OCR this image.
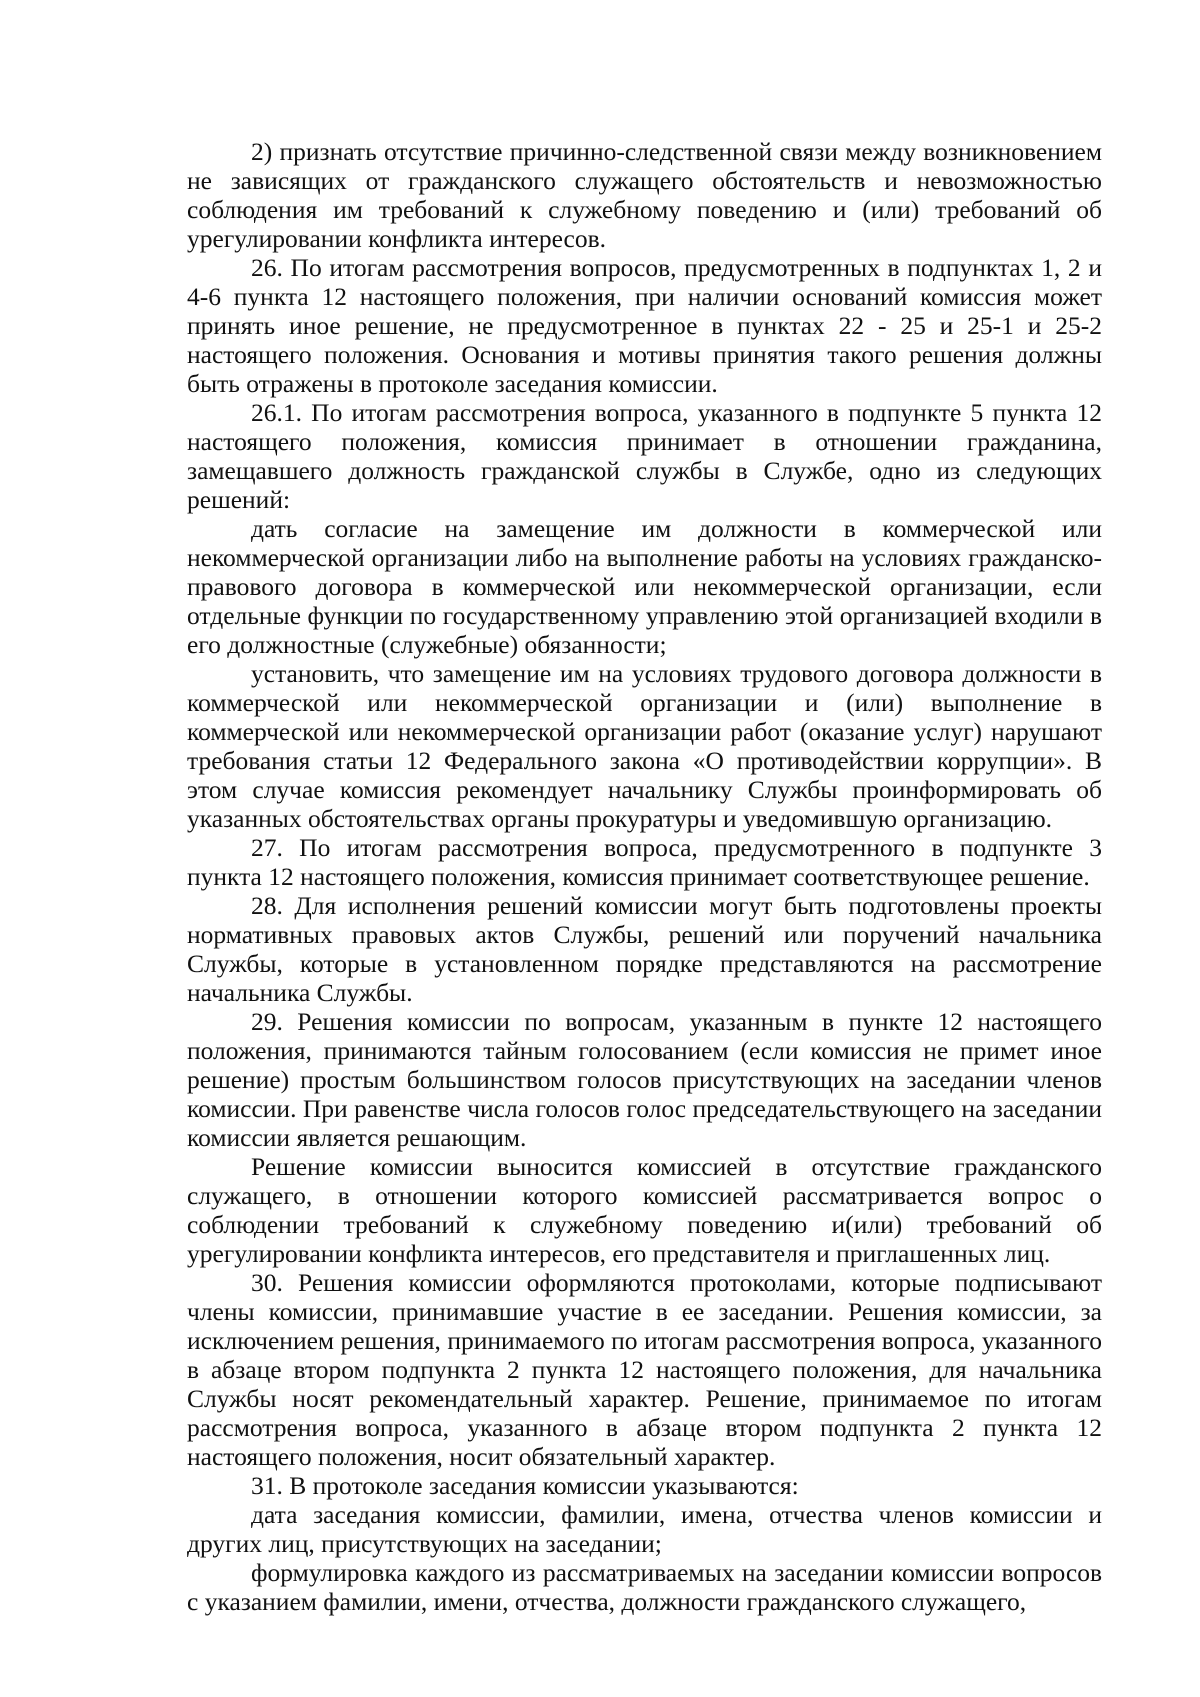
2) признать отсутствие причинно-следственной связи между возникновением не зависящих от гражданского служащего обстоятельств и невозможностью соблюдения им требований к служебному поведению и (или) требований об урегулировании конфликта интересов.

26. По итогам рассмотрения вопросов, предусмотренных в подпунктах 1, 2 и 4-6 пункта 12 настоящего положения, при наличии оснований комиссия может принять иное решение, не предусмотренное в пунктах 22 - 25 и 25-1 и 25-2 настоящего положения. Основания и мотивы принятия такого решения должны быть отражены в протоколе заседания комиссии.

26.1. По итогам рассмотрения вопроса, указанного в подпункте 5 пункта 12 настоящего положения, комиссия принимает в отношении гражданина, замещавшего должность гражданской службы в Службе, одно из следующих решений:

дать согласие на замещение им должности в коммерческой или некоммерческой организации либо на выполнение работы на условиях гражданско-правового договора в коммерческой или некоммерческой организации, если отдельные функции по государственному управлению этой организацией входили в его должностные (служебные) обязанности;

установить, что замещение им на условиях трудового договора должности в коммерческой или некоммерческой организации и (или) выполнение в коммерческой или некоммерческой организации работ (оказание услуг) нарушают требования статьи 12 Федерального закона «О противодействии коррупции». В этом случае комиссия рекомендует начальнику Службы проинформировать об указанных обстоятельствах органы прокуратуры и уведомившую организацию.

27. По итогам рассмотрения вопроса, предусмотренного в подпункте 3 пункта 12 настоящего положения, комиссия принимает соответствующее решение.

28. Для исполнения решений комиссии могут быть подготовлены проекты нормативных правовых актов Службы, решений или поручений начальника Службы, которые в установленном порядке представляются на рассмотрение начальника Службы.

29. Решения комиссии по вопросам, указанным в пункте 12 настоящего положения, принимаются тайным голосованием (если комиссия не примет иное решение) простым большинством голосов присутствующих на заседании членов комиссии. При равенстве числа голосов голос председательствующего на заседании комиссии является решающим.

Решение комиссии выносится комиссией в отсутствие гражданского служащего, в отношении которого комиссией рассматривается вопрос о соблюдении требований к служебному поведению и(или) требований об урегулировании конфликта интересов, его представителя и приглашенных лиц.

30. Решения комиссии оформляются протоколами, которые подписывают члены комиссии, принимавшие участие в ее заседании. Решения комиссии, за исключением решения, принимаемого по итогам рассмотрения вопроса, указанного в абзаце втором подпункта 2 пункта 12 настоящего положения, для начальника Службы носят рекомендательный характер. Решение, принимаемое по итогам рассмотрения вопроса, указанного в абзаце втором подпункта 2 пункта 12 настоящего положения, носит обязательный характер.

31. В протоколе заседания комиссии указываются:

дата заседания комиссии, фамилии, имена, отчества членов комиссии и других лиц, присутствующих на заседании;

формулировка каждого из рассматриваемых на заседании комиссии вопросов с указанием фамилии, имени, отчества, должности гражданского служащего,
